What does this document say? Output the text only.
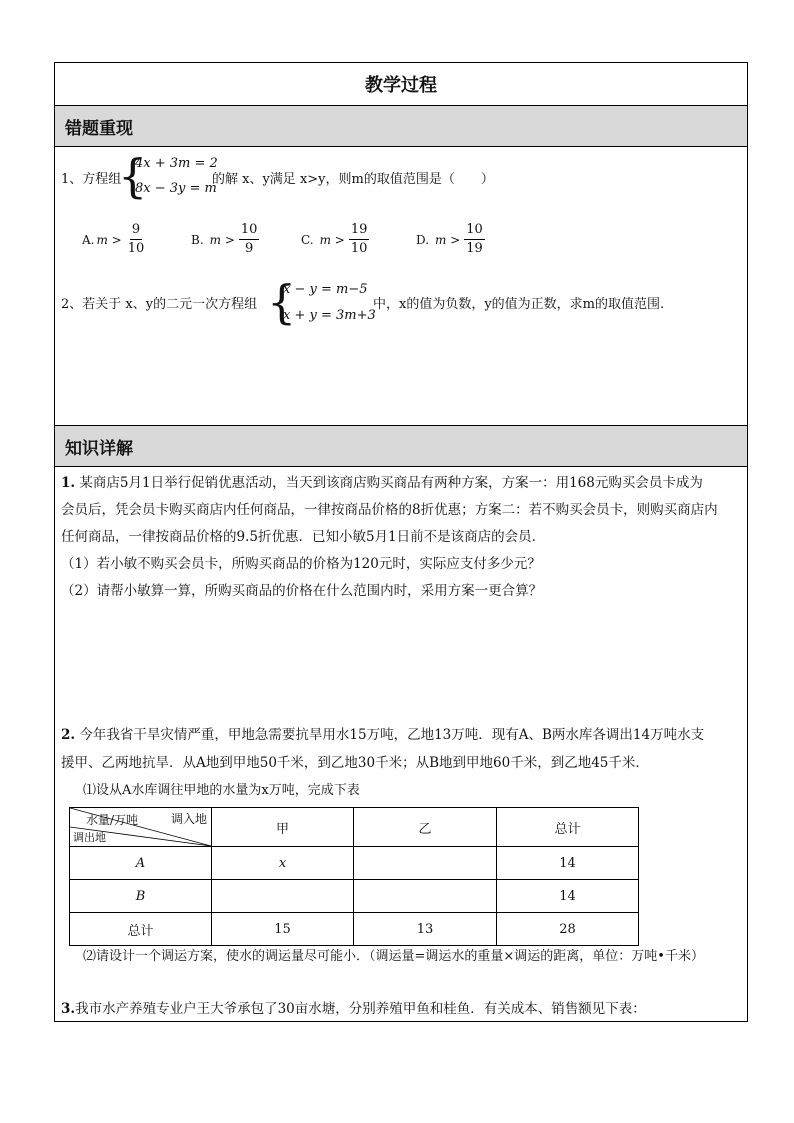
教学过程
错题重现
1、方程组
{
4x + 3m = 2
8x − 3y = m
的解 x、y满足 x>y，则m的取值范围是（　　）
A. $m > \frac{9}{10}$	B. $m > \frac{10}{9}$	C. $m > \frac{19}{10}$	D. $m > \frac{10}{19}$
2、若关于 x、y的二元一次方程组 {
x − y = m−5
x + y = 3m+3
中，x的值为负数，y的值为正数，求m的取值范围.
知识详解
1. 某商店5月1日举行促销优惠活动，当天到该商店购买商品有两种方案，方案一：用168元购买会员卡成为
会员后，凭会员卡购买商店内任何商品，一律按商品价格的8折优惠；方案二：若不购买会员卡，则购买商店内
任何商品，一律按商品价格的9.5折优惠．已知小敏5月1日前不是该商店的会员．
（1）若小敏不购买会员卡，所购买商品的价格为120元时，实际应支付多少元？
（2）请帮小敏算一算，所购买商品的价格在什么范围内时，采用方案一更合算？
2. 今年我省干旱灾情严重，甲地急需要抗旱用水15万吨，乙地13万吨．现有A、B两水库各调出14万吨水支
援甲、乙两地抗旱．从A地到甲地50千米，到乙地30千米；从B地到甲地60千米，到乙地45千米．
⑴设从A水库调往甲地的水量为x万吨，完成下表
调入地
水量/万吨
调出地	甲	乙	总计
A	x		14
B			14
总计	15	13	28
⑵请设计一个调运方案，使水的调运量尽可能小．（调运量=调运水的重量×调运的距离，单位：万吨•千米）
3.我市水产养殖专业户王大爷承包了30亩水塘，分别养殖甲鱼和桂鱼．有关成本、销售额见下表：
